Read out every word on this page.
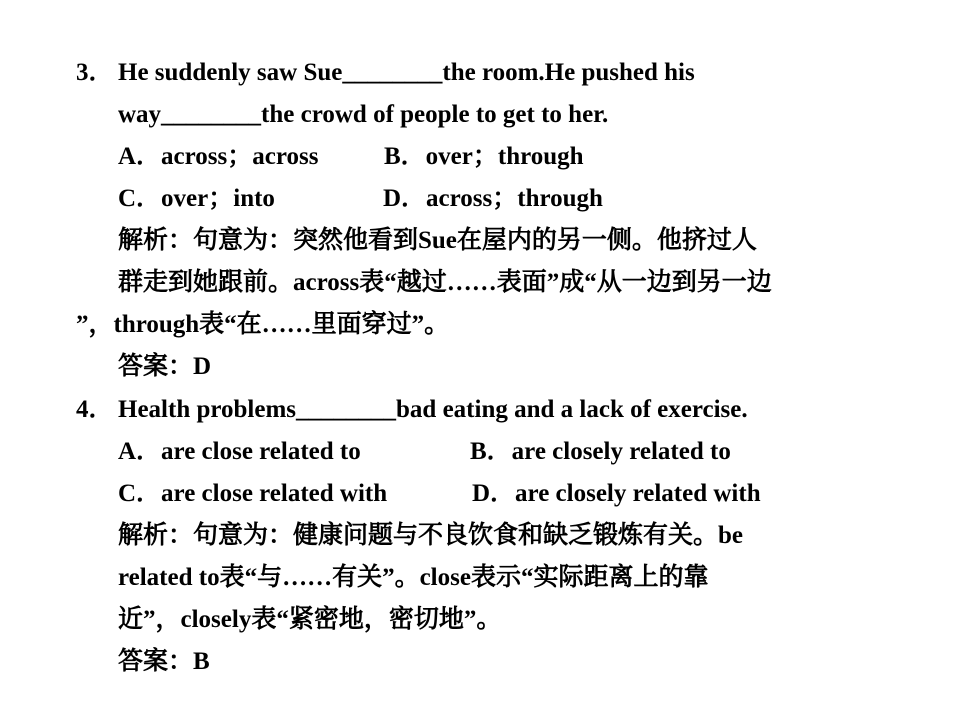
3． He suddenly saw Sue________the room.He pushed his
way________the crowd of people to get to her.
A．across；across	B．over；through
C．over；into	D．across；through
解析：句意为：突然他看到Sue在屋内的另一侧。他挤过人
群走到她跟前。across表“越过……表面”成“从一边到另一边
”，through表“在……里面穿过”。
答案：D
4． Health problems________bad eating and a lack of exercise.
A．are close related to	B．are closely related to
C．are close related with	D．are closely related with
解析：句意为：健康问题与不良饮食和缺乏锻炼有关。be
related to表“与……有关”。close表示“实际距离上的靠
近”，closely表“紧密地，密切地”。
答案：B
